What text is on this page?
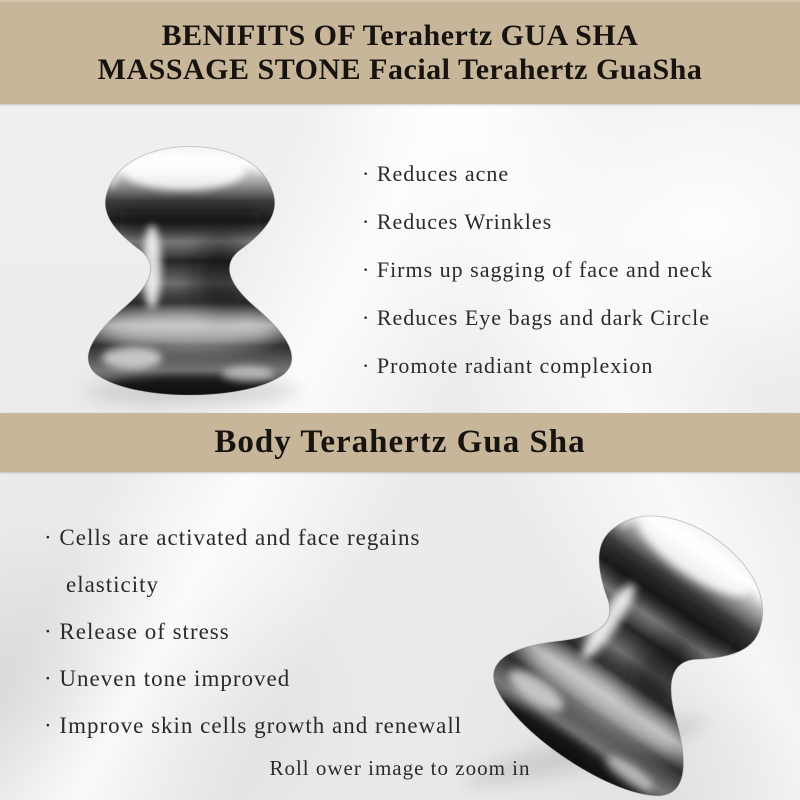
BENIFITS OF Terahertz GUA SHA
MASSAGE STONE Facial Terahertz GuaSha
· Reduces acne
· Reduces Wrinkles
· Firms up sagging of face and neck
· Reduces Eye bags and dark Circle
· Promote radiant complexion
Body Terahertz Gua Sha
· Cells are activated and face regains elasticity
· Release of stress
· Uneven tone improved
· Improve skin cells growth and renewall
Roll ower image to zoom in
